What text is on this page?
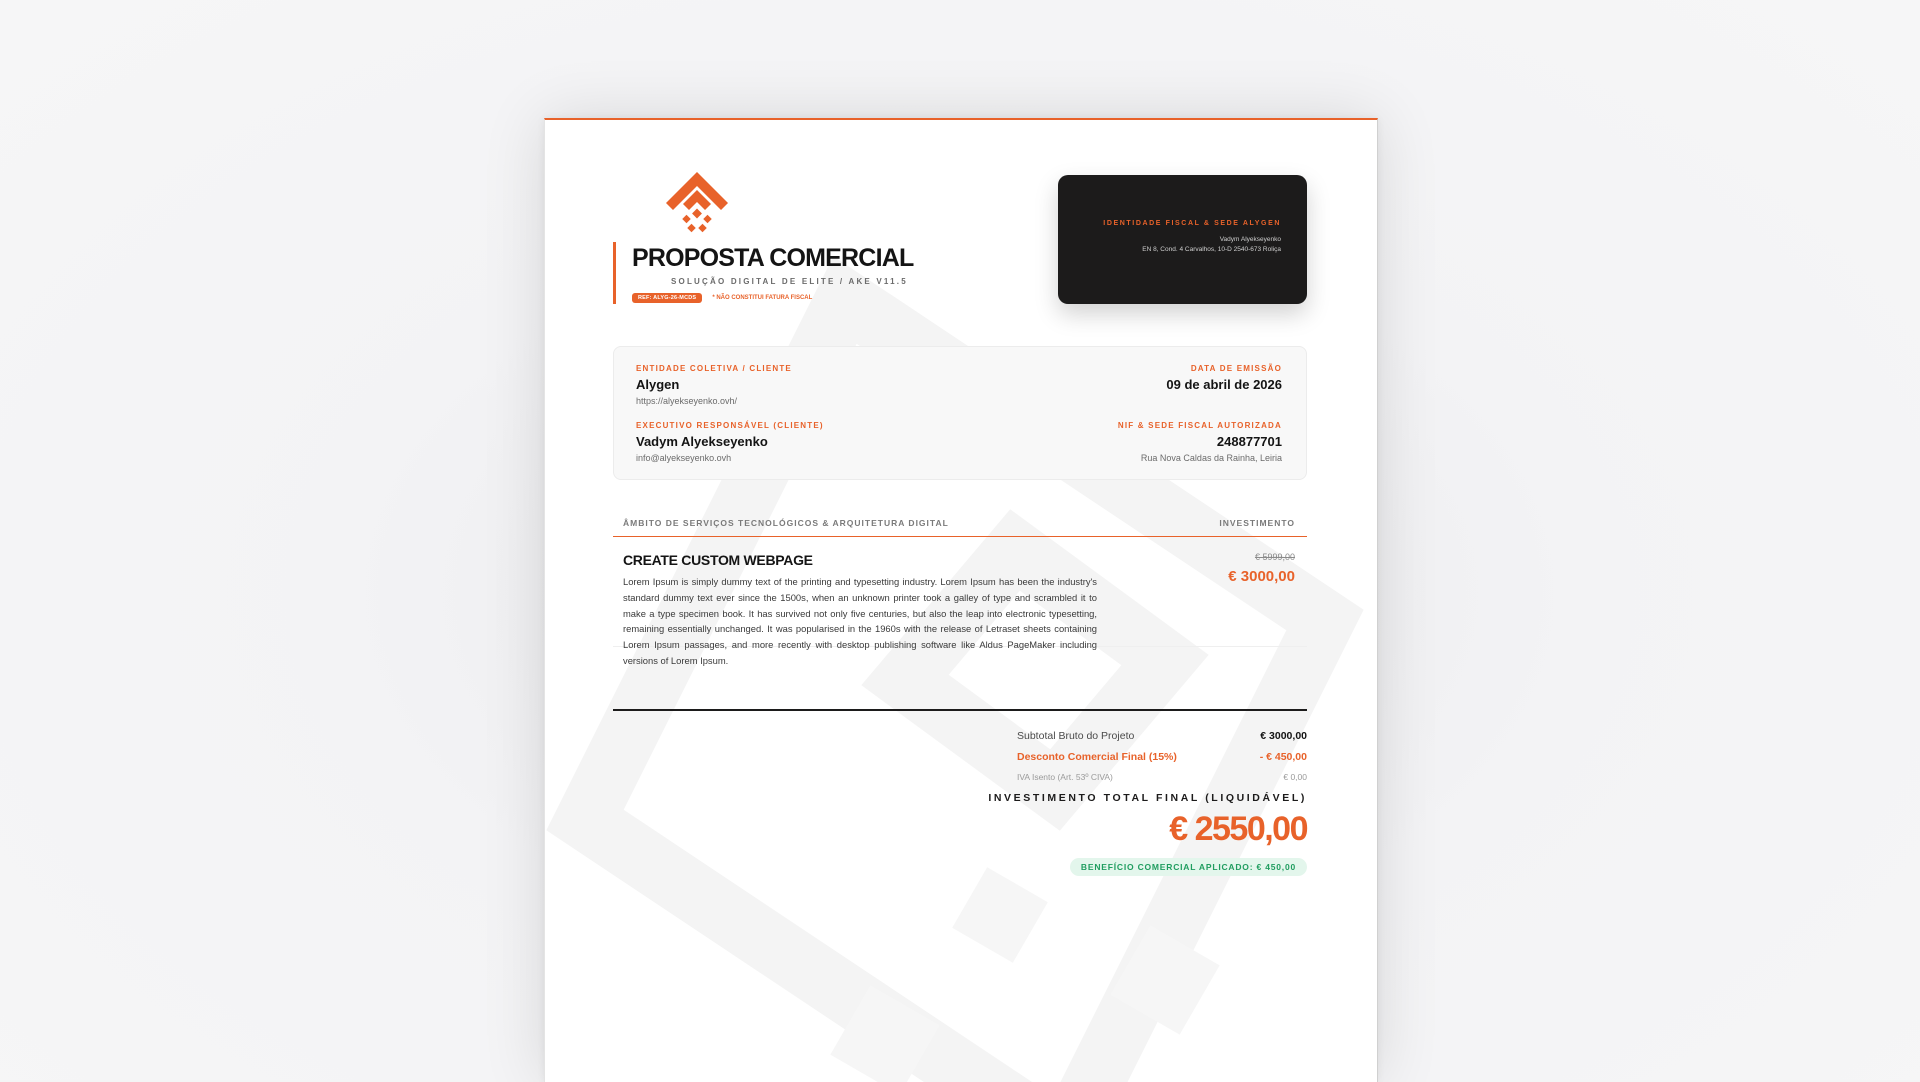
PROPOSTA COMERCIAL
SOLUÇÃO DIGITAL DE ELITE / AKE V11.5
REF: ALYG-26-MCDS	* NÃO CONSTITUI FATURA FISCAL
IDENTIDADE FISCAL & SEDE ALYGEN
Vadym Alyekseyenko
EN 8, Cond. 4 Carvalhos, 10-D 2540-673 Roliça
ENTIDADE COLETIVA / CLIENTE
Alygen
https://alyekseyenko.ovh/
EXECUTIVO RESPONSÁVEL (CLIENTE)
Vadym Alyekseyenko
info@alyekseyenko.ovh
DATA DE EMISSÃO
09 de abril de 2026
NIF & SEDE FISCAL AUTORIZADA
248877701
Rua Nova Caldas da Rainha, Leiria
ÂMBITO DE SERVIÇOS TECNOLÓGICOS & ARQUITETURA DIGITAL	INVESTIMENTO
CREATE CUSTOM WEBPAGE
Lorem Ipsum is simply dummy text of the printing and typesetting industry. Lorem Ipsum has been the industry's standard dummy text ever since the 1500s, when an unknown printer took a galley of type and scrambled it to make a type specimen book. It has survived not only five centuries, but also the leap into electronic typesetting, remaining essentially unchanged. It was popularised in the 1960s with the release of Letraset sheets containing Lorem Ipsum passages, and more recently with desktop publishing software like Aldus PageMaker including versions of Lorem Ipsum.
€ 5999,00
€ 3000,00
Subtotal Bruto do Projeto	€ 3000,00
Desconto Comercial Final (15%)	- € 450,00
IVA Isento (Art. 53º CIVA)	€ 0,00
INVESTIMENTO TOTAL FINAL (LIQUIDÁVEL)
€ 2550,00
BENEFÍCIO COMERCIAL APLICADO: € 450,00
